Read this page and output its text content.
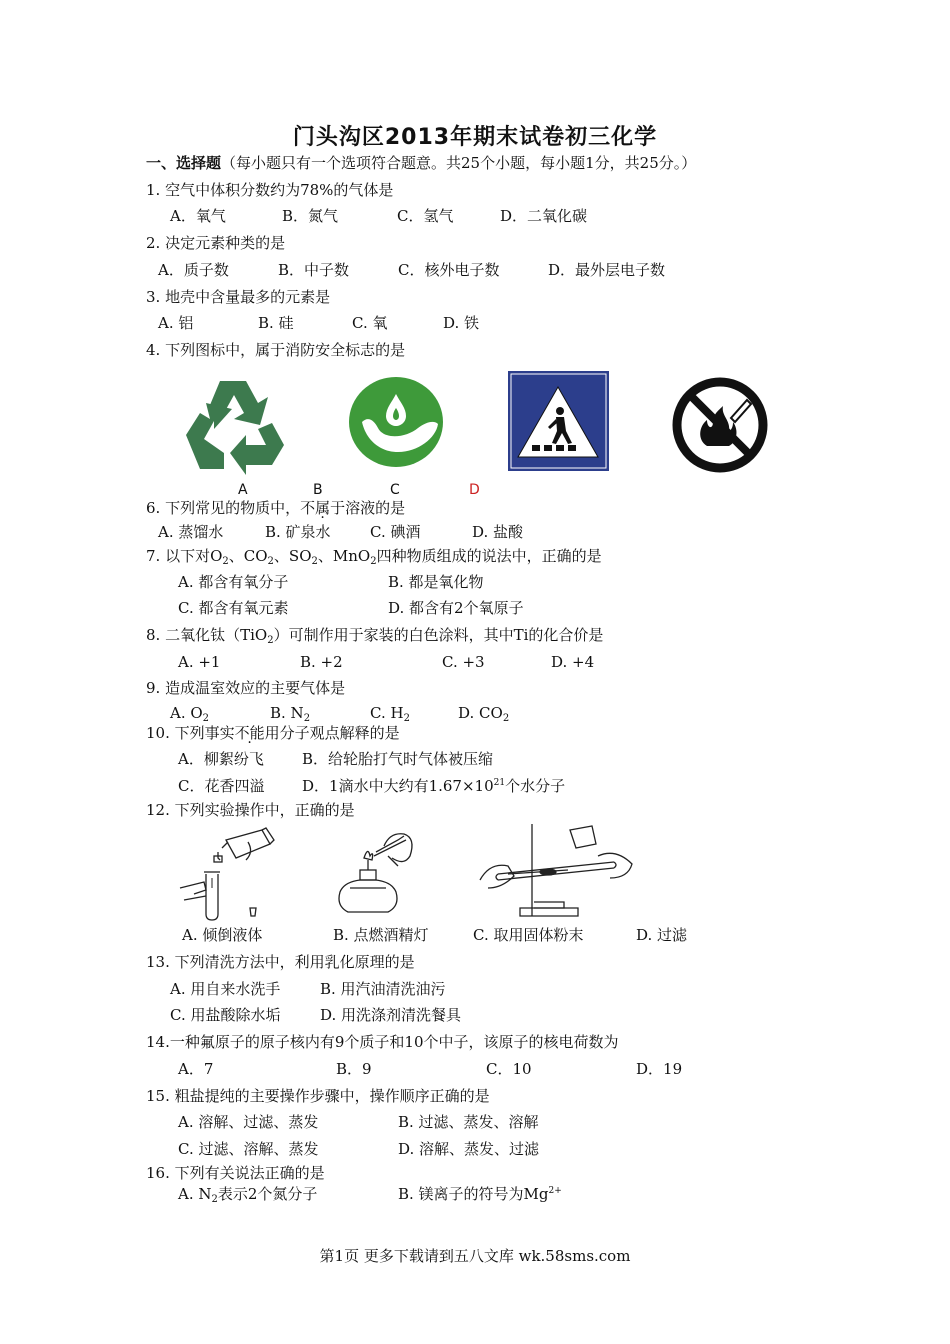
门头沟区2013年期末试卷初三化学
一、选择题（每小题只有一个选项符合题意。共25个小题，每小题1分，共25分。）
1. 空气中体积分数约为78%的气体是
A．氧气	B．氮气	C．氢气	D．二氧化碳
2. 决定元素种类的是
A．质子数	B．中子数	C．核外电子数	D．最外层电子数
3. 地壳中含量最多的元素是
A. 铝	B. 硅	C. 氧	D. 铁
4. 下列图标中，属于消防安全标志的是
A	B	C	D
6. 下列常见的物质中，不属于溶液的是
A. 蒸馏水	B. 矿泉水	C. 碘酒	D. 盐酸
7. 以下对$O_2$、$CO_2$、$SO_2$、MnO$_2$四种物质组成的说法中，正确的是
A. 都含有氧分子	B. 都是氧化物
C. 都含有氧元素	D. 都含有2个氧原子
8. 二氧化钛（TiO$_2$）可制作用于家装的白色涂料，其中Ti的化合价是
A. +1	B. +2	C. +3	D. +4
9. 造成温室效应的主要气体是
A. $O_2$	B. $N_2$	C. $H_2$	D. $CO_2$
10. 下列事实不能用分子观点解释的是
A．柳絮纷飞	B．给轮胎打气时气体被压缩
C．花香四溢	D．1滴水中大约有$1.67\times 10^{21}$个水分子
12. 下列实验操作中，正确的是
A. 倾倒液体	B. 点燃酒精灯	C. 取用固体粉末	D. 过滤
13. 下列清洗方法中，利用乳化原理的是
A. 用自来水洗手	B. 用汽油清洗油污
C. 用盐酸除水垢	D. 用洗涤剂清洗餐具
14.一种氟原子的原子核内有9个质子和10个中子，该原子的核电荷数为
A．7	B．9	C．10	D．19
15. 粗盐提纯的主要操作步骤中，操作顺序正确的是
A. 溶解、过滤、蒸发	B. 过滤、蒸发、溶解
C. 过滤、溶解、蒸发	D. 溶解、蒸发、过滤
16. 下列有关说法正确的是
A. $N_2$表示2个氮分子	B. 镁离子的符号为$Mg^{2+}$
第1页 更多下载请到五八文库 wk.58sms.com
